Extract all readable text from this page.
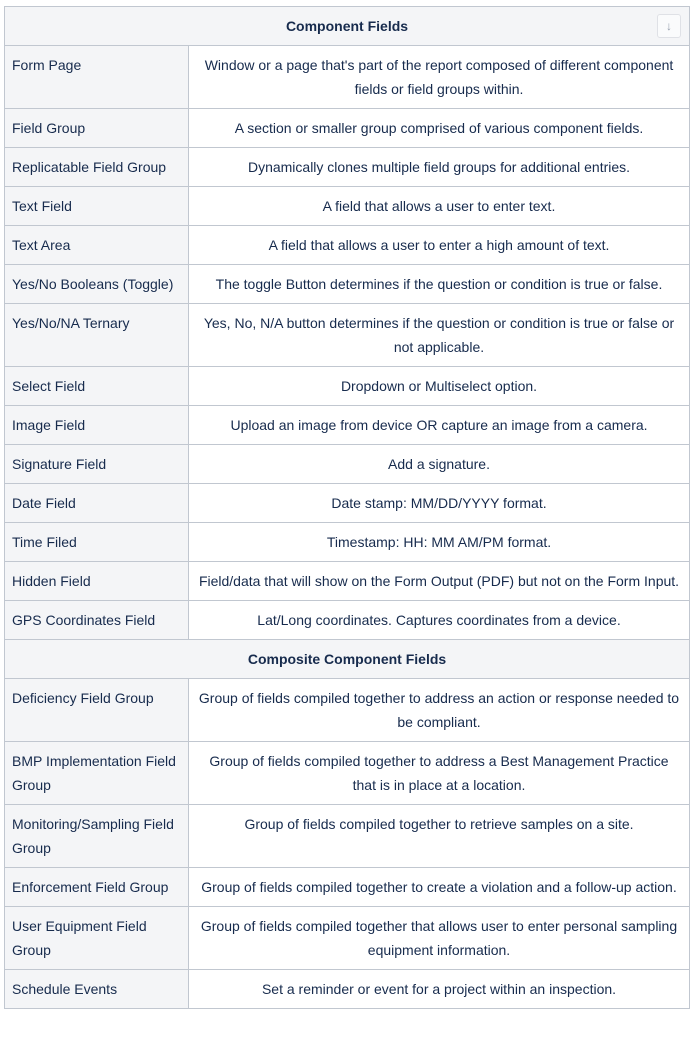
Component Fields ↓	

Form Page	Window or a page that's part of the report composed of different component fields or field groups within.
Field Group	A section or smaller group comprised of various component fields.
Replicatable Field Group	Dynamically clones multiple field groups for additional entries.
Text Field	A field that allows a user to enter text.
Text Area	A field that allows a user to enter a high amount of text.
Yes/No Booleans (Toggle)	The toggle Button determines if the question or condition is true or false.
Yes/No/NA Ternary	Yes, No, N/A button determines if the question or condition is true or false or not applicable.
Select Field	Dropdown or Multiselect option.
Image Field	Upload an image from device OR capture an image from a camera.
Signature Field	Add a signature.
Date Field	Date stamp: MM/DD/YYYY format.
Time Filed	Timestamp: HH: MM AM/PM format.
Hidden Field	Field/data that will show on the Form Output (PDF) but not on the Form Input.
GPS Coordinates Field	Lat/Long coordinates. Captures coordinates from a device.
Composite Component Fields	
Deficiency Field Group	Group of fields compiled together to address an action or response needed to be compliant.
BMP Implementation Field Group	Group of fields compiled together to address a Best Management Practice that is in place at a location.
Monitoring/Sampling Field Group	Group of fields compiled together to retrieve samples on a site.
Enforcement Field Group	Group of fields compiled together to create a violation and a follow-up action.
User Equipment Field Group	Group of fields compiled together that allows user to enter personal sampling equipment information.
Schedule Events	Set a reminder or event for a project within an inspection.
